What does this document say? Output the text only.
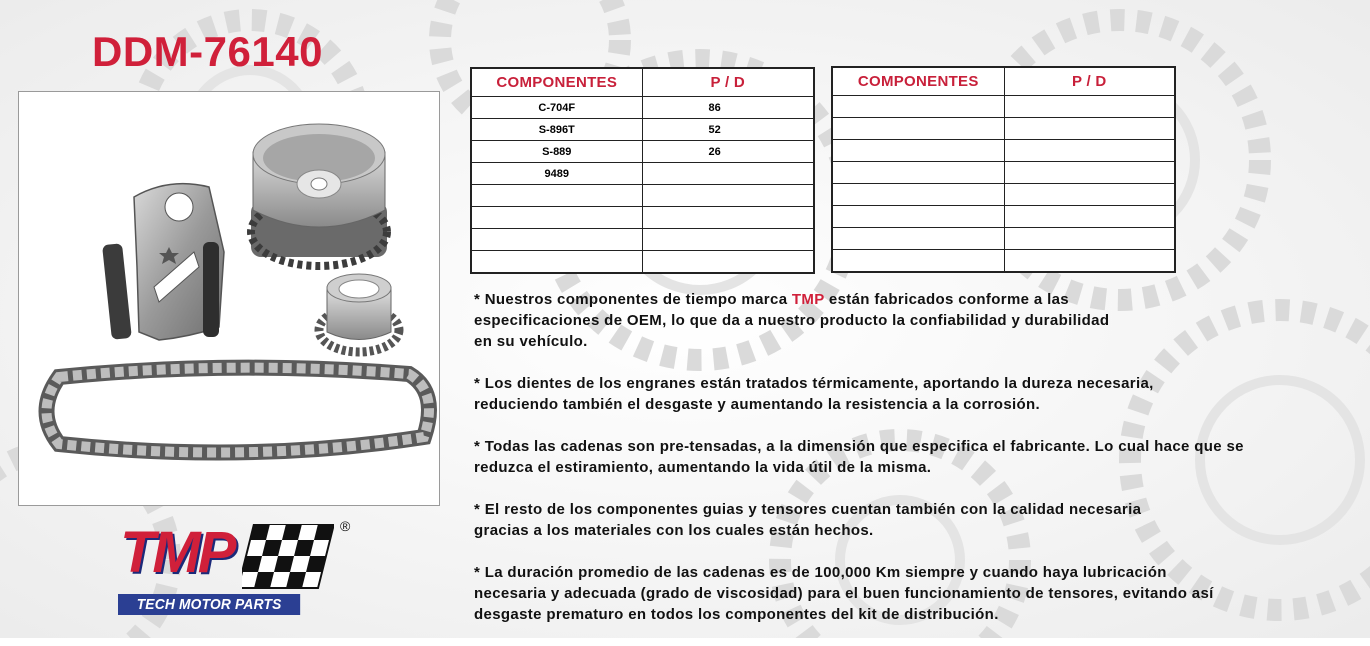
DDM-76140
COMPONENTES	P / D
C-704F	86
S-896T	52
S-889	26
9489	

COMPONENTES	P / D

* Nuestros componentes de tiempo marca TMP están fabricados conforme a las
especificaciones de OEM, lo que da a nuestro producto la confiabilidad y durabilidad
en su vehículo.

* Los dientes de los engranes están tratados térmicamente, aportando la dureza necesaria,
reduciendo también el desgaste y aumentando la resistencia a la corrosión.

* Todas las cadenas son pre-tensadas, a la dimensión que especifica el fabricante. Lo cual hace que se
reduzca el estiramiento, aumentando la vida útil de la misma.

* El resto de los componentes guias y tensores cuentan también con la calidad necesaria
gracias a los materiales con los cuales están hechos.

* La duración promedio de las cadenas es de 100,000 Km siempre y cuando haya lubricación
necesaria y adecuada (grado de viscosidad) para el buen funcionamiento de tensores, evitando así
desgaste prematuro en todos los componentes del kit de distribución.

TMP	®
TECH MOTOR PARTS
